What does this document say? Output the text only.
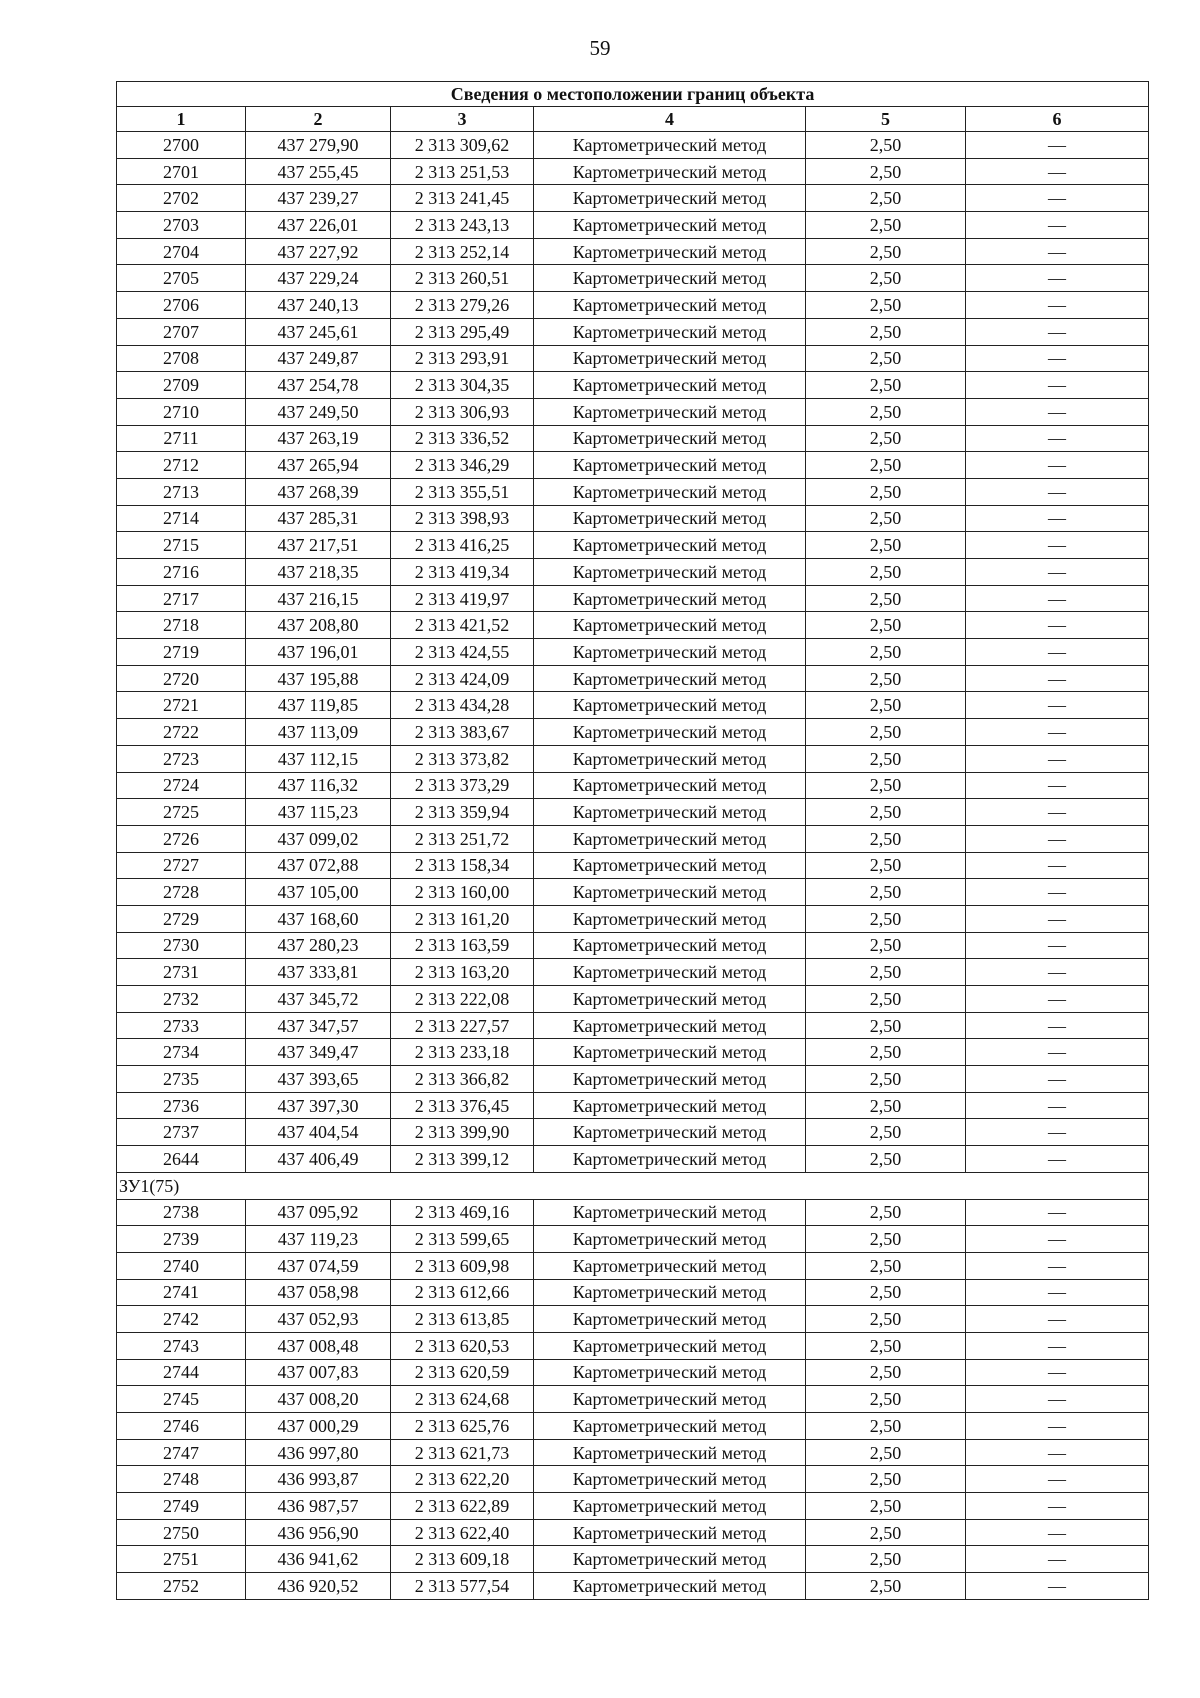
59
Сведения о местоположении границ объекта					
1	2	3	4	5	6
2700	437 279,90	2 313 309,62	Картометрический метод	2,50	—
2701	437 255,45	2 313 251,53	Картометрический метод	2,50	—
2702	437 239,27	2 313 241,45	Картометрический метод	2,50	—
2703	437 226,01	2 313 243,13	Картометрический метод	2,50	—
2704	437 227,92	2 313 252,14	Картометрический метод	2,50	—
2705	437 229,24	2 313 260,51	Картометрический метод	2,50	—
2706	437 240,13	2 313 279,26	Картометрический метод	2,50	—
2707	437 245,61	2 313 295,49	Картометрический метод	2,50	—
2708	437 249,87	2 313 293,91	Картометрический метод	2,50	—
2709	437 254,78	2 313 304,35	Картометрический метод	2,50	—
2710	437 249,50	2 313 306,93	Картометрический метод	2,50	—
2711	437 263,19	2 313 336,52	Картометрический метод	2,50	—
2712	437 265,94	2 313 346,29	Картометрический метод	2,50	—
2713	437 268,39	2 313 355,51	Картометрический метод	2,50	—
2714	437 285,31	2 313 398,93	Картометрический метод	2,50	—
2715	437 217,51	2 313 416,25	Картометрический метод	2,50	—
2716	437 218,35	2 313 419,34	Картометрический метод	2,50	—
2717	437 216,15	2 313 419,97	Картометрический метод	2,50	—
2718	437 208,80	2 313 421,52	Картометрический метод	2,50	—
2719	437 196,01	2 313 424,55	Картометрический метод	2,50	—
2720	437 195,88	2 313 424,09	Картометрический метод	2,50	—
2721	437 119,85	2 313 434,28	Картометрический метод	2,50	—
2722	437 113,09	2 313 383,67	Картометрический метод	2,50	—
2723	437 112,15	2 313 373,82	Картометрический метод	2,50	—
2724	437 116,32	2 313 373,29	Картометрический метод	2,50	—
2725	437 115,23	2 313 359,94	Картометрический метод	2,50	—
2726	437 099,02	2 313 251,72	Картометрический метод	2,50	—
2727	437 072,88	2 313 158,34	Картометрический метод	2,50	—
2728	437 105,00	2 313 160,00	Картометрический метод	2,50	—
2729	437 168,60	2 313 161,20	Картометрический метод	2,50	—
2730	437 280,23	2 313 163,59	Картометрический метод	2,50	—
2731	437 333,81	2 313 163,20	Картометрический метод	2,50	—
2732	437 345,72	2 313 222,08	Картометрический метод	2,50	—
2733	437 347,57	2 313 227,57	Картометрический метод	2,50	—
2734	437 349,47	2 313 233,18	Картометрический метод	2,50	—
2735	437 393,65	2 313 366,82	Картометрический метод	2,50	—
2736	437 397,30	2 313 376,45	Картометрический метод	2,50	—
2737	437 404,54	2 313 399,90	Картометрический метод	2,50	—
2644	437 406,49	2 313 399,12	Картометрический метод	2,50	—
ЗУ1(75)					
2738	437 095,92	2 313 469,16	Картометрический метод	2,50	—
2739	437 119,23	2 313 599,65	Картометрический метод	2,50	—
2740	437 074,59	2 313 609,98	Картометрический метод	2,50	—
2741	437 058,98	2 313 612,66	Картометрический метод	2,50	—
2742	437 052,93	2 313 613,85	Картометрический метод	2,50	—
2743	437 008,48	2 313 620,53	Картометрический метод	2,50	—
2744	437 007,83	2 313 620,59	Картометрический метод	2,50	—
2745	437 008,20	2 313 624,68	Картометрический метод	2,50	—
2746	437 000,29	2 313 625,76	Картометрический метод	2,50	—
2747	436 997,80	2 313 621,73	Картометрический метод	2,50	—
2748	436 993,87	2 313 622,20	Картометрический метод	2,50	—
2749	436 987,57	2 313 622,89	Картометрический метод	2,50	—
2750	436 956,90	2 313 622,40	Картометрический метод	2,50	—
2751	436 941,62	2 313 609,18	Картометрический метод	2,50	—
2752	436 920,52	2 313 577,54	Картометрический метод	2,50	—
